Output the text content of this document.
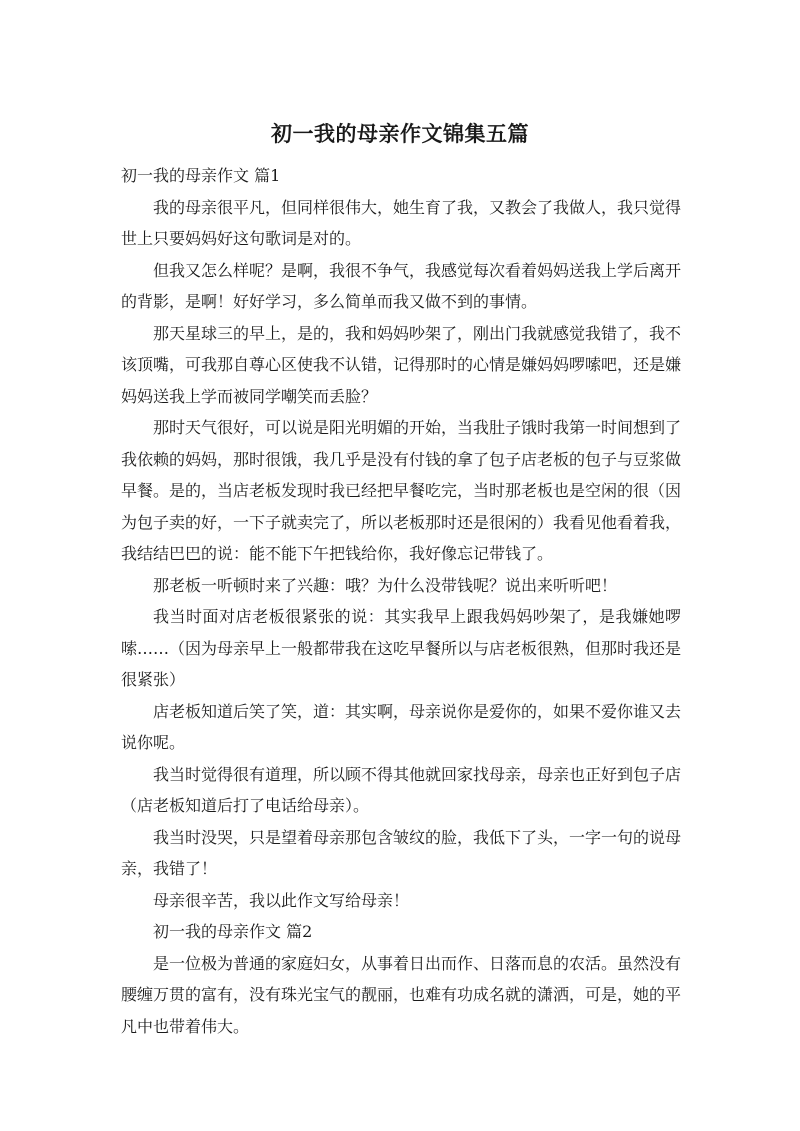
初一我的母亲作文锦集五篇

初一我的母亲作文 篇1

我的母亲很平凡，但同样很伟大，她生育了我，又教会了我做人，我只觉得世上只要妈妈好这句歌词是对的。

但我又怎么样呢？是啊，我很不争气，我感觉每次看着妈妈送我上学后离开的背影，是啊！好好学习，多么简单而我又做不到的事情。

那天星球三的早上，是的，我和妈妈吵架了，刚出门我就感觉我错了，我不该顶嘴，可我那自尊心区使我不认错，记得那时的心情是嫌妈妈啰嗦吧，还是嫌妈妈送我上学而被同学嘲笑而丢脸？

那时天气很好，可以说是阳光明媚的开始，当我肚子饿时我第一时间想到了我依赖的妈妈，那时很饿，我几乎是没有付钱的拿了包子店老板的包子与豆浆做早餐。是的，当店老板发现时我已经把早餐吃完，当时那老板也是空闲的很（因为包子卖的好，一下子就卖完了，所以老板那时还是很闲的）我看见他看着我，我结结巴巴的说：能不能下午把钱给你，我好像忘记带钱了。

那老板一听顿时来了兴趣：哦？为什么没带钱呢？说出来听听吧！

我当时面对店老板很紧张的说：其实我早上跟我妈妈吵架了，是我嫌她啰嗦……（因为母亲早上一般都带我在这吃早餐所以与店老板很熟，但那时我还是很紧张）

店老板知道后笑了笑，道：其实啊，母亲说你是爱你的，如果不爱你谁又去说你呢。

我当时觉得很有道理，所以顾不得其他就回家找母亲，母亲也正好到包子店（店老板知道后打了电话给母亲）。

我当时没哭，只是望着母亲那包含皱纹的脸，我低下了头，一字一句的说母亲，我错了！

母亲很辛苦，我以此作文写给母亲！

初一我的母亲作文 篇2

是一位极为普通的家庭妇女，从事着日出而作、日落而息的农活。虽然没有腰缠万贯的富有，没有珠光宝气的靓丽，也难有功成名就的潇洒，可是，她的平凡中也带着伟大。
